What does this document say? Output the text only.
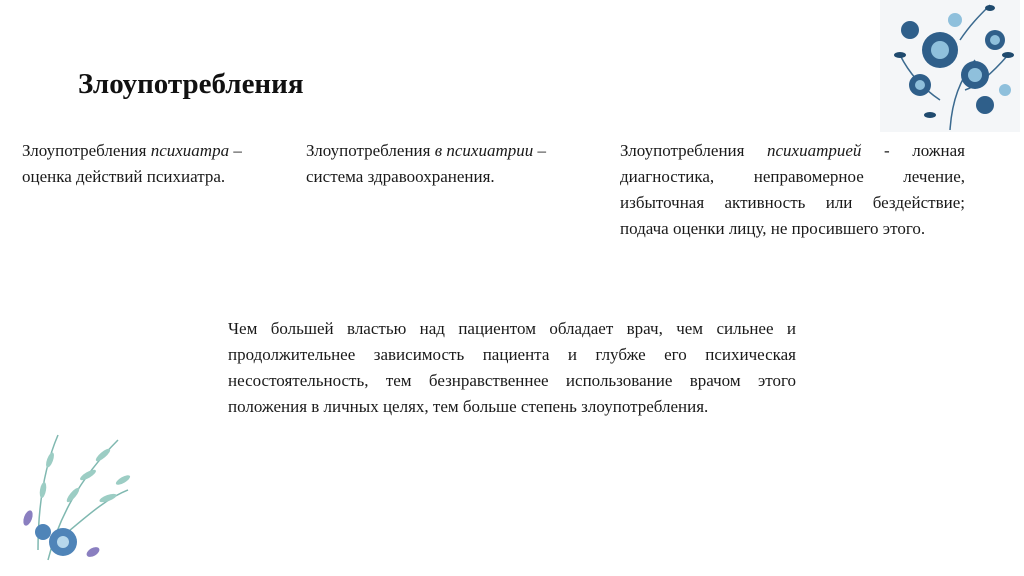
Злоупотребления
Злоупотребления психиатра – оценка действий психиатра.
Злоупотребления в психиатрии – система здравоохранения.
Злоупотребления психиатрией - ложная диагностика, неправомерное лечение, избыточная активность или бездействие; подача оценки лицу, не просившего этого.
Чем большей властью над пациентом обладает врач, чем сильнее и продолжительнее зависимость пациента и глубже его психическая несостоятельность, тем безнравственнее использование врачом этого положения в личных целях, тем больше степень злоупотребления.
